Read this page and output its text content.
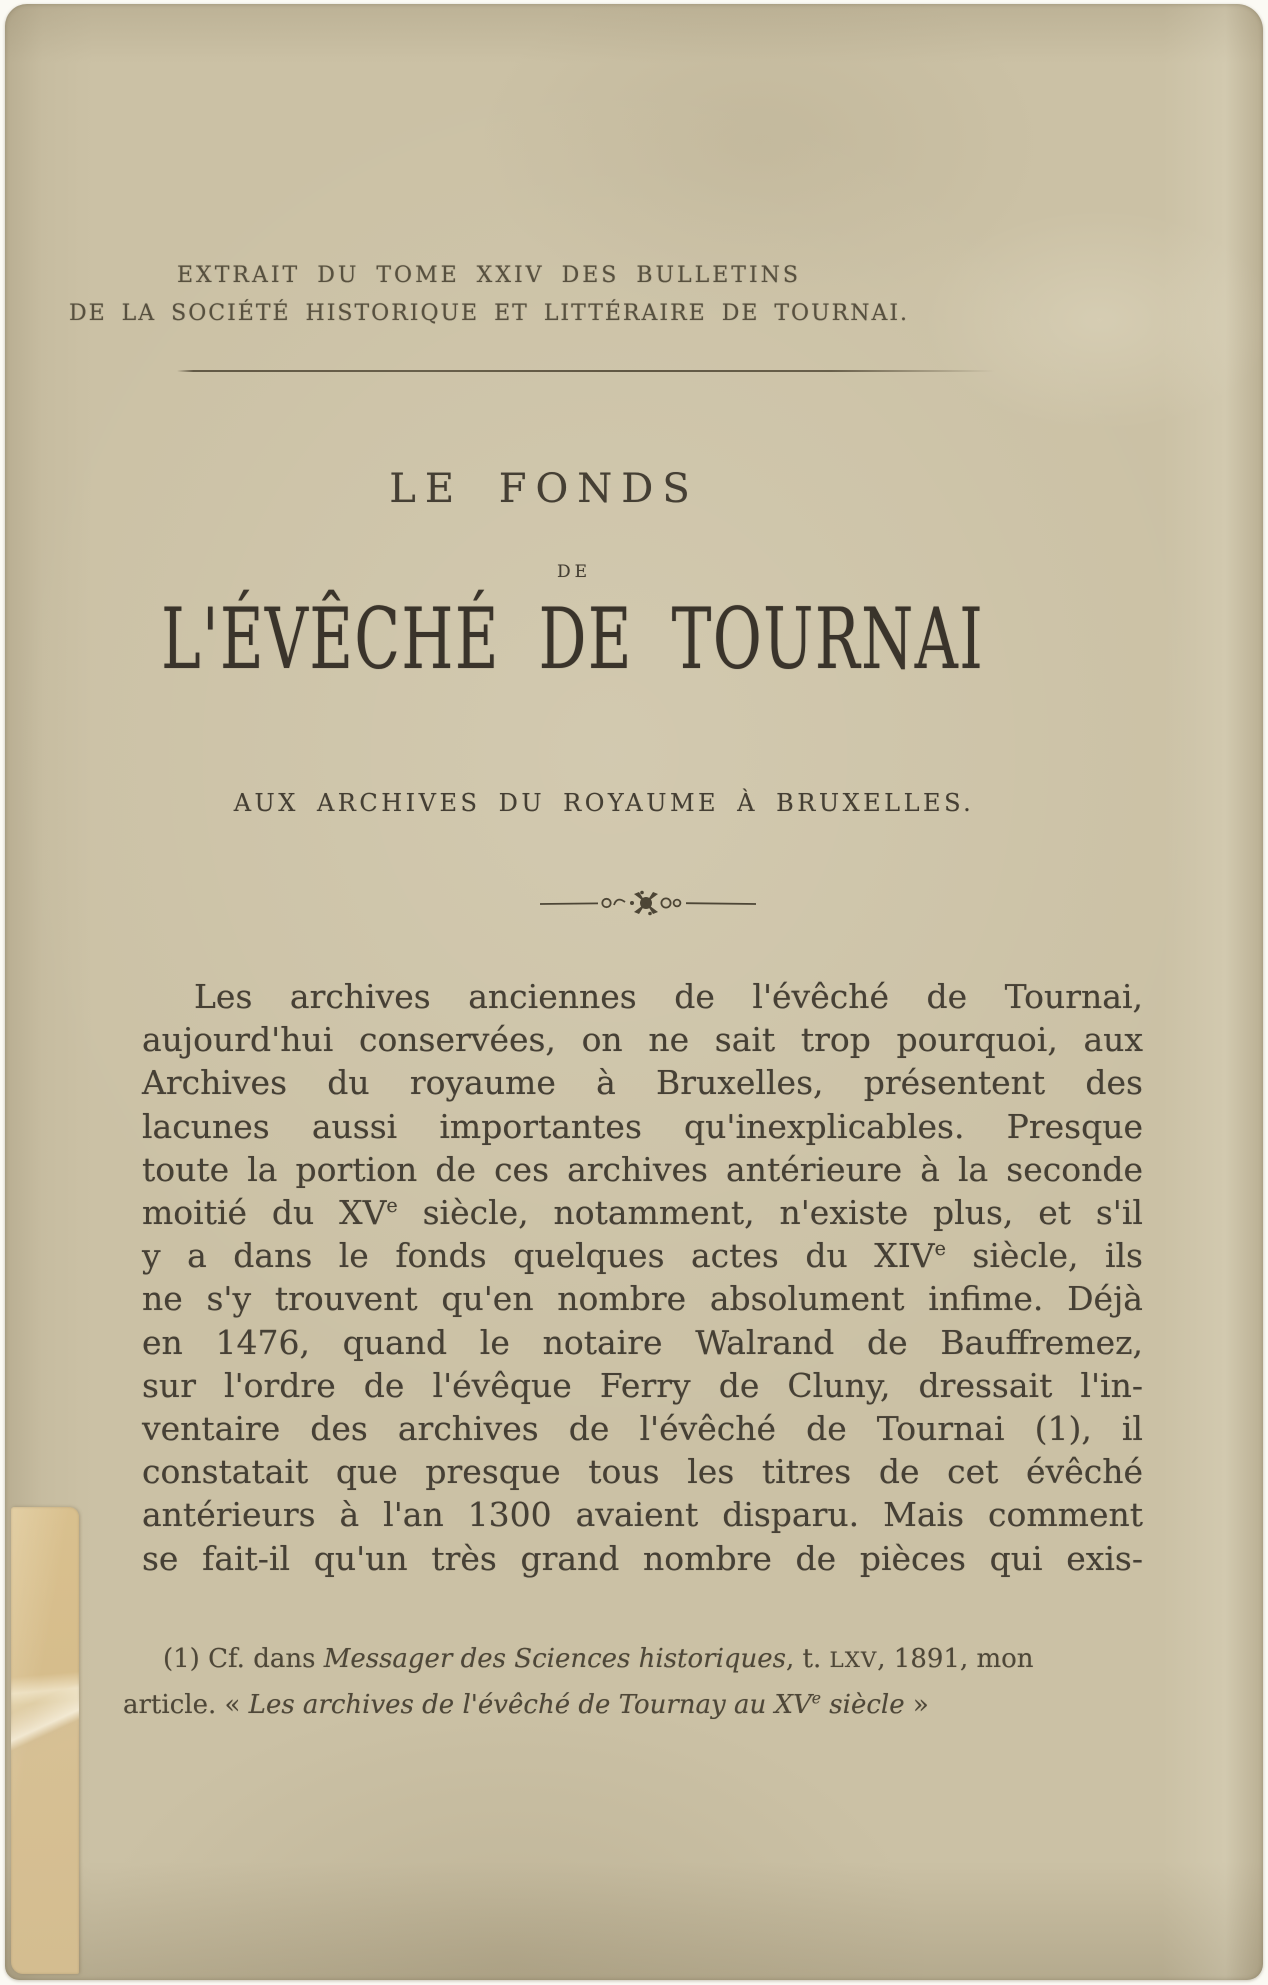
EXTRAIT DU TOME XXIV DES BULLETINS
DE LA SOCIÉTÉ HISTORIQUE ET LITTÉRAIRE DE TOURNAI.
LE FONDS
DE
L'ÉVÊCHÉ DE TOURNAI
AUX ARCHIVES DU ROYAUME À BRUXELLES.
Les archives anciennes de l'évêché de Tournai,
aujourd'hui conservées, on ne sait trop pourquoi, aux
Archives du royaume à Bruxelles, présentent des
lacunes aussi importantes qu'inexplicables. Presque
toute la portion de ces archives antérieure à la seconde
moitié du XVe siècle, notamment, n'existe plus, et s'il
y a dans le fonds quelques actes du XIVe siècle, ils
ne s'y trouvent qu'en nombre absolument infime. Déjà
en 1476, quand le notaire Walrand de Bauffremez,
sur l'ordre de l'évêque Ferry de Cluny, dressait l'in-
ventaire des archives de l'évêché de Tournai (1), il
constatait que presque tous les titres de cet évêché
antérieurs à l'an 1300 avaient disparu. Mais comment
se fait-il qu'un très grand nombre de pièces qui exis-
(1) Cf. dans Messager des Sciences historiques, t. LXV, 1891, mon
article. « Les archives de l'évêché de Tournay au XVe siècle »
